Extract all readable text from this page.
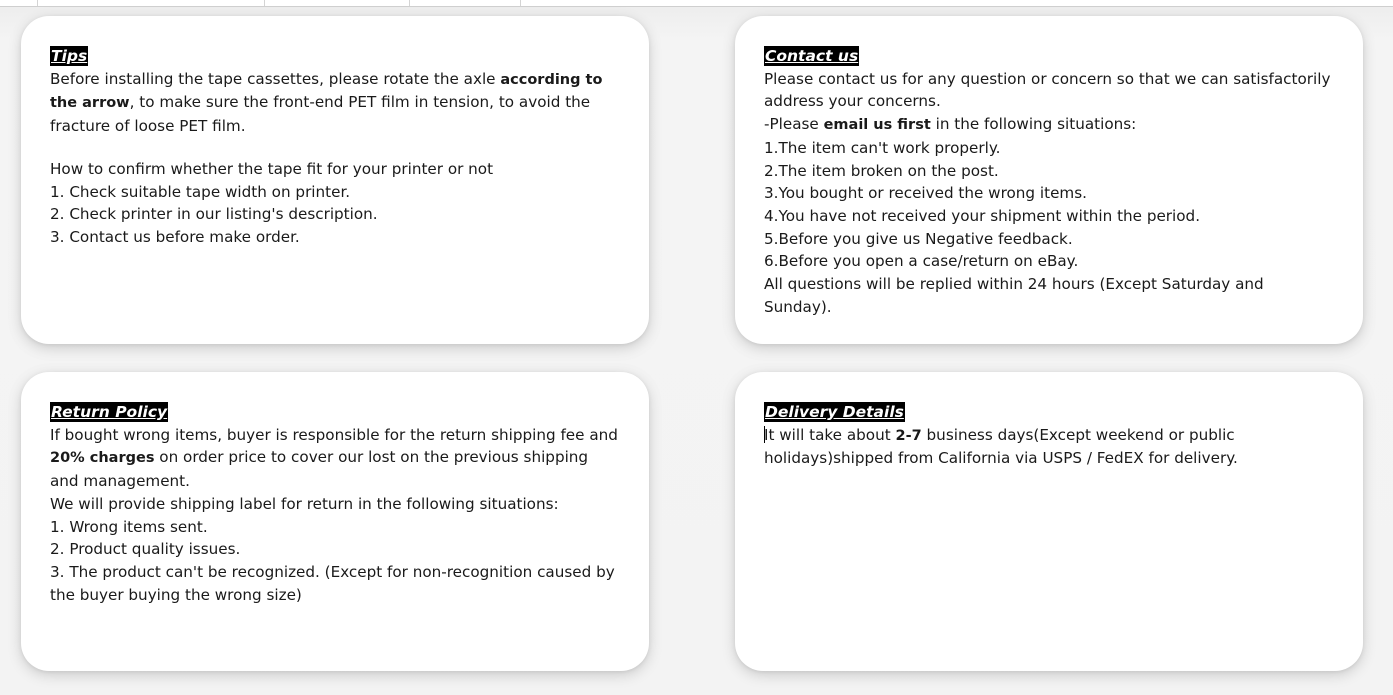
Tips

Before installing the tape cassettes, please rotate the axle according to the arrow, to make sure the front-end PET film in tension, to avoid the fracture of loose PET film.

How to confirm whether the tape fit for your printer or not

1. Check suitable tape width on printer.

2. Check printer in our listing's description.

3. Contact us before make order.

Contact us

Please contact us for any question or concern so that we can satisfactorily address your concerns.

-Please email us first in the following situations:

1.The item can't work properly.

2.The item broken on the post.

3.You bought or received the wrong items.

4.You have not received your shipment within the period.

5.Before you give us Negative feedback.

6.Before you open a case/return on eBay.

All questions will be replied within 24 hours (Except Saturday and Sunday).

Return Policy

If bought wrong items, buyer is responsible for the return shipping fee and 20% charges on order price to cover our lost on the previous shipping and management.

We will provide shipping label for return in the following situations:

1. Wrong items sent.

2. Product quality issues.

3. The product can't be recognized. (Except for non-recognition caused by the buyer buying the wrong size)

Delivery Details

It will take about 2-7 business days(Except weekend or public holidays)shipped from California via USPS / FedEX for delivery.
